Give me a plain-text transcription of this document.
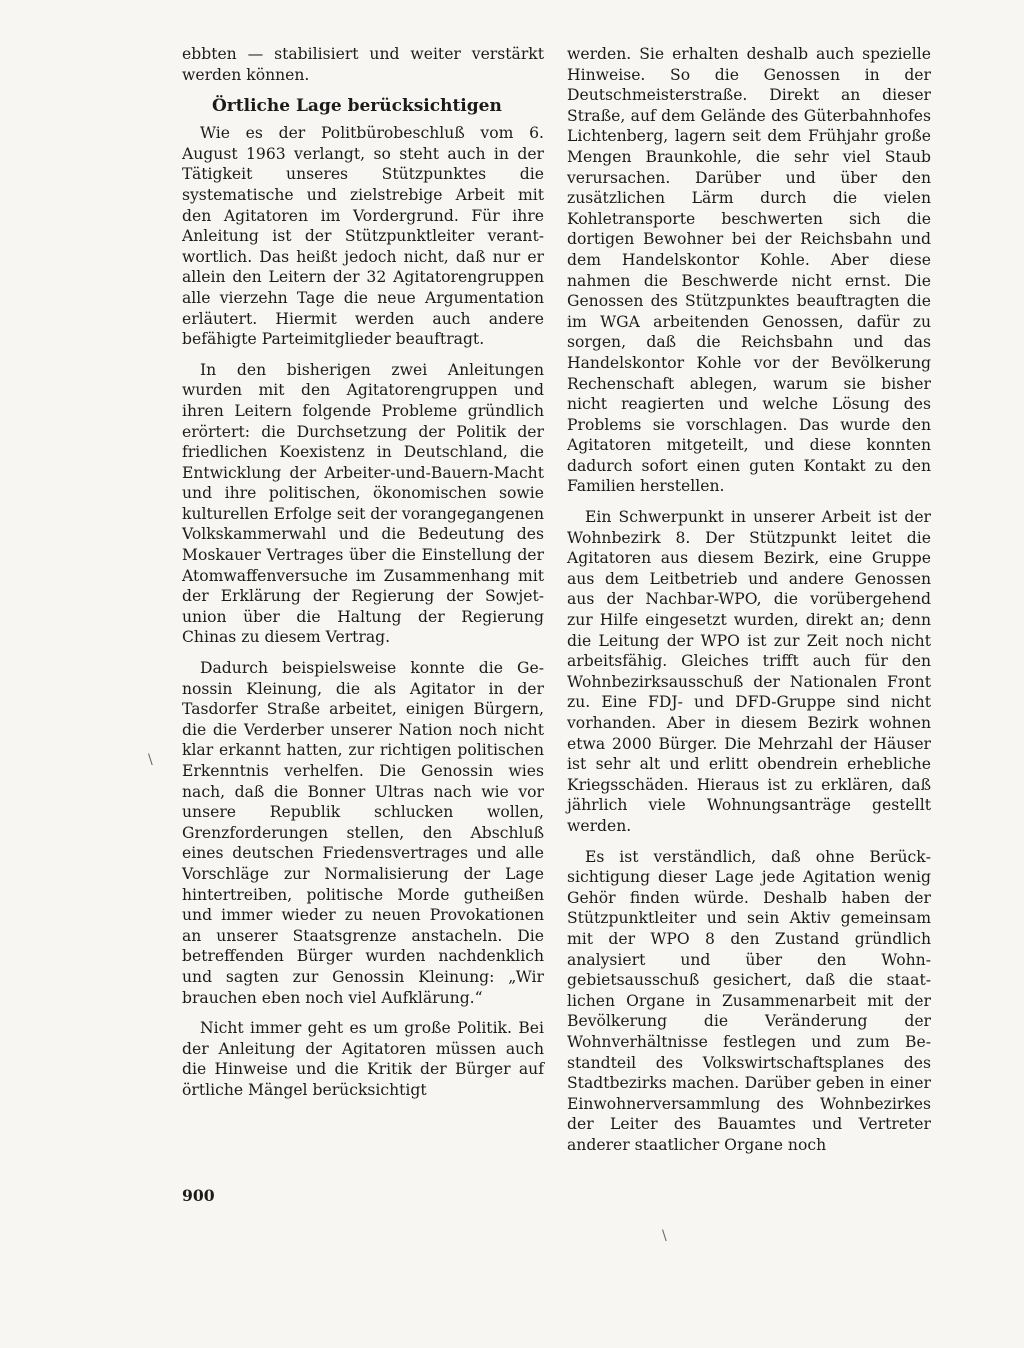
ebbten — stabilisiert und weiter verstärkt werden können.

Örtliche Lage berücksichtigen

Wie es der Politbürobeschluß vom 6. August 1963 verlangt, so steht auch in der Tätigkeit unseres Stützpunktes die systematische und zielstrebige Arbeit mit den Agitatoren im Vordergrund. Für ihre Anleitung ist der Stützpunktleiter verantwortlich. Das heißt jedoch nicht, daß nur er allein den Leitern der 32 Agitatorengruppen alle vierzehn Tage die neue Argumentation erläutert. Hiermit werden auch andere befähigte Parteimitglieder beauftragt.

In den bisherigen zwei Anleitungen wurden mit den Agitatorengruppen und ihren Leitern folgende Probleme gründlich erörtert: die Durchsetzung der Politik der friedlichen Koexistenz in Deutschland, die Entwicklung der Arbeiter-und-Bauern-Macht und ihre politischen, ökonomischen sowie kulturellen Erfolge seit der vorangegangenen Volkskammerwahl und die Bedeutung des Moskauer Vertrages über die Einstellung der Atomwaffenversuche im Zusammenhang mit der Erklärung der Regierung der Sowjetunion über die Haltung der Regierung Chinas zu diesem Vertrag.

Dadurch beispielsweise konnte die Genossin Kleinung, die als Agitator in der Tasdorfer Straße arbeitet, einigen Bürgern, die die Verderber unserer Nation noch nicht klar erkannt hatten, zur richtigen politischen Erkenntnis verhelfen. Die Genossin wies nach, daß die Bonner Ultras nach wie vor unsere Republik schlucken wollen, Grenzforderungen stellen, den Abschluß eines deutschen Friedensvertrages und alle Vorschläge zur Normalisierung der Lage hintertreiben, politische Morde gutheißen und immer wieder zu neuen Provokationen an unserer Staatsgrenze anstacheln. Die betreffenden Bürger wurden nachdenklich und sagten zur Genossin Kleinung: „Wir brauchen eben noch viel Aufklärung.“

Nicht immer geht es um große Politik. Bei der Anleitung der Agitatoren müssen auch die Hinweise und die Kritik der Bürger auf örtliche Mängel berücksichtigt

werden. Sie erhalten deshalb auch spezielle Hinweise. So die Genossen in der Deutschmeisterstraße. Direkt an dieser Straße, auf dem Gelände des Güterbahnhofes Lichtenberg, lagern seit dem Frühjahr große Mengen Braunkohle, die sehr viel Staub verursachen. Darüber und über den zusätzlichen Lärm durch die vielen Kohletransporte beschwerten sich die dortigen Bewohner bei der Reichsbahn und dem Handelskontor Kohle. Aber diese nahmen die Beschwerde nicht ernst. Die Genossen des Stützpunktes beauftragten die im WGA arbeitenden Genossen, dafür zu sorgen, daß die Reichsbahn und das Handelskontor Kohle vor der Bevölkerung Rechenschaft ablegen, warum sie bisher nicht reagierten und welche Lösung des Problems sie vorschlagen. Das wurde den Agitatoren mitgeteilt, und diese konnten dadurch sofort einen guten Kontakt zu den Familien herstellen.

Ein Schwerpunkt in unserer Arbeit ist der Wohnbezirk 8. Der Stützpunkt leitet die Agitatoren aus diesem Bezirk, eine Gruppe aus dem Leitbetrieb und andere Genossen aus der Nachbar-WPO, die vorübergehend zur Hilfe eingesetzt wurden, direkt an; denn die Leitung der WPO ist zur Zeit noch nicht arbeitsfähig. Gleiches trifft auch für den Wohnbezirksausschuß der Nationalen Front zu. Eine FDJ- und DFD-Gruppe sind nicht vorhanden. Aber in diesem Bezirk wohnen etwa 2000 Bürger. Die Mehrzahl der Häuser ist sehr alt und erlitt obendrein erhebliche Kriegsschäden. Hieraus ist zu erklären, daß jährlich viele Wohnungsanträge gestellt werden.

Es ist verständlich, daß ohne Berücksichtigung dieser Lage jede Agitation wenig Gehör finden würde. Deshalb haben der Stützpunktleiter und sein Aktiv gemeinsam mit der WPO 8 den Zustand gründlich analysiert und über den Wohngebietsausschuß gesichert, daß die staatlichen Organe in Zusammenarbeit mit der Bevölkerung die Veränderung der Wohnverhältnisse festlegen und zum Bestandteil des Volkswirtschaftsplanes des Stadtbezirks machen. Darüber geben in einer Einwohnerversammlung des Wohnbezirkes der Leiter des Bauamtes und Vertreter anderer staatlicher Organe noch

900
\
\
